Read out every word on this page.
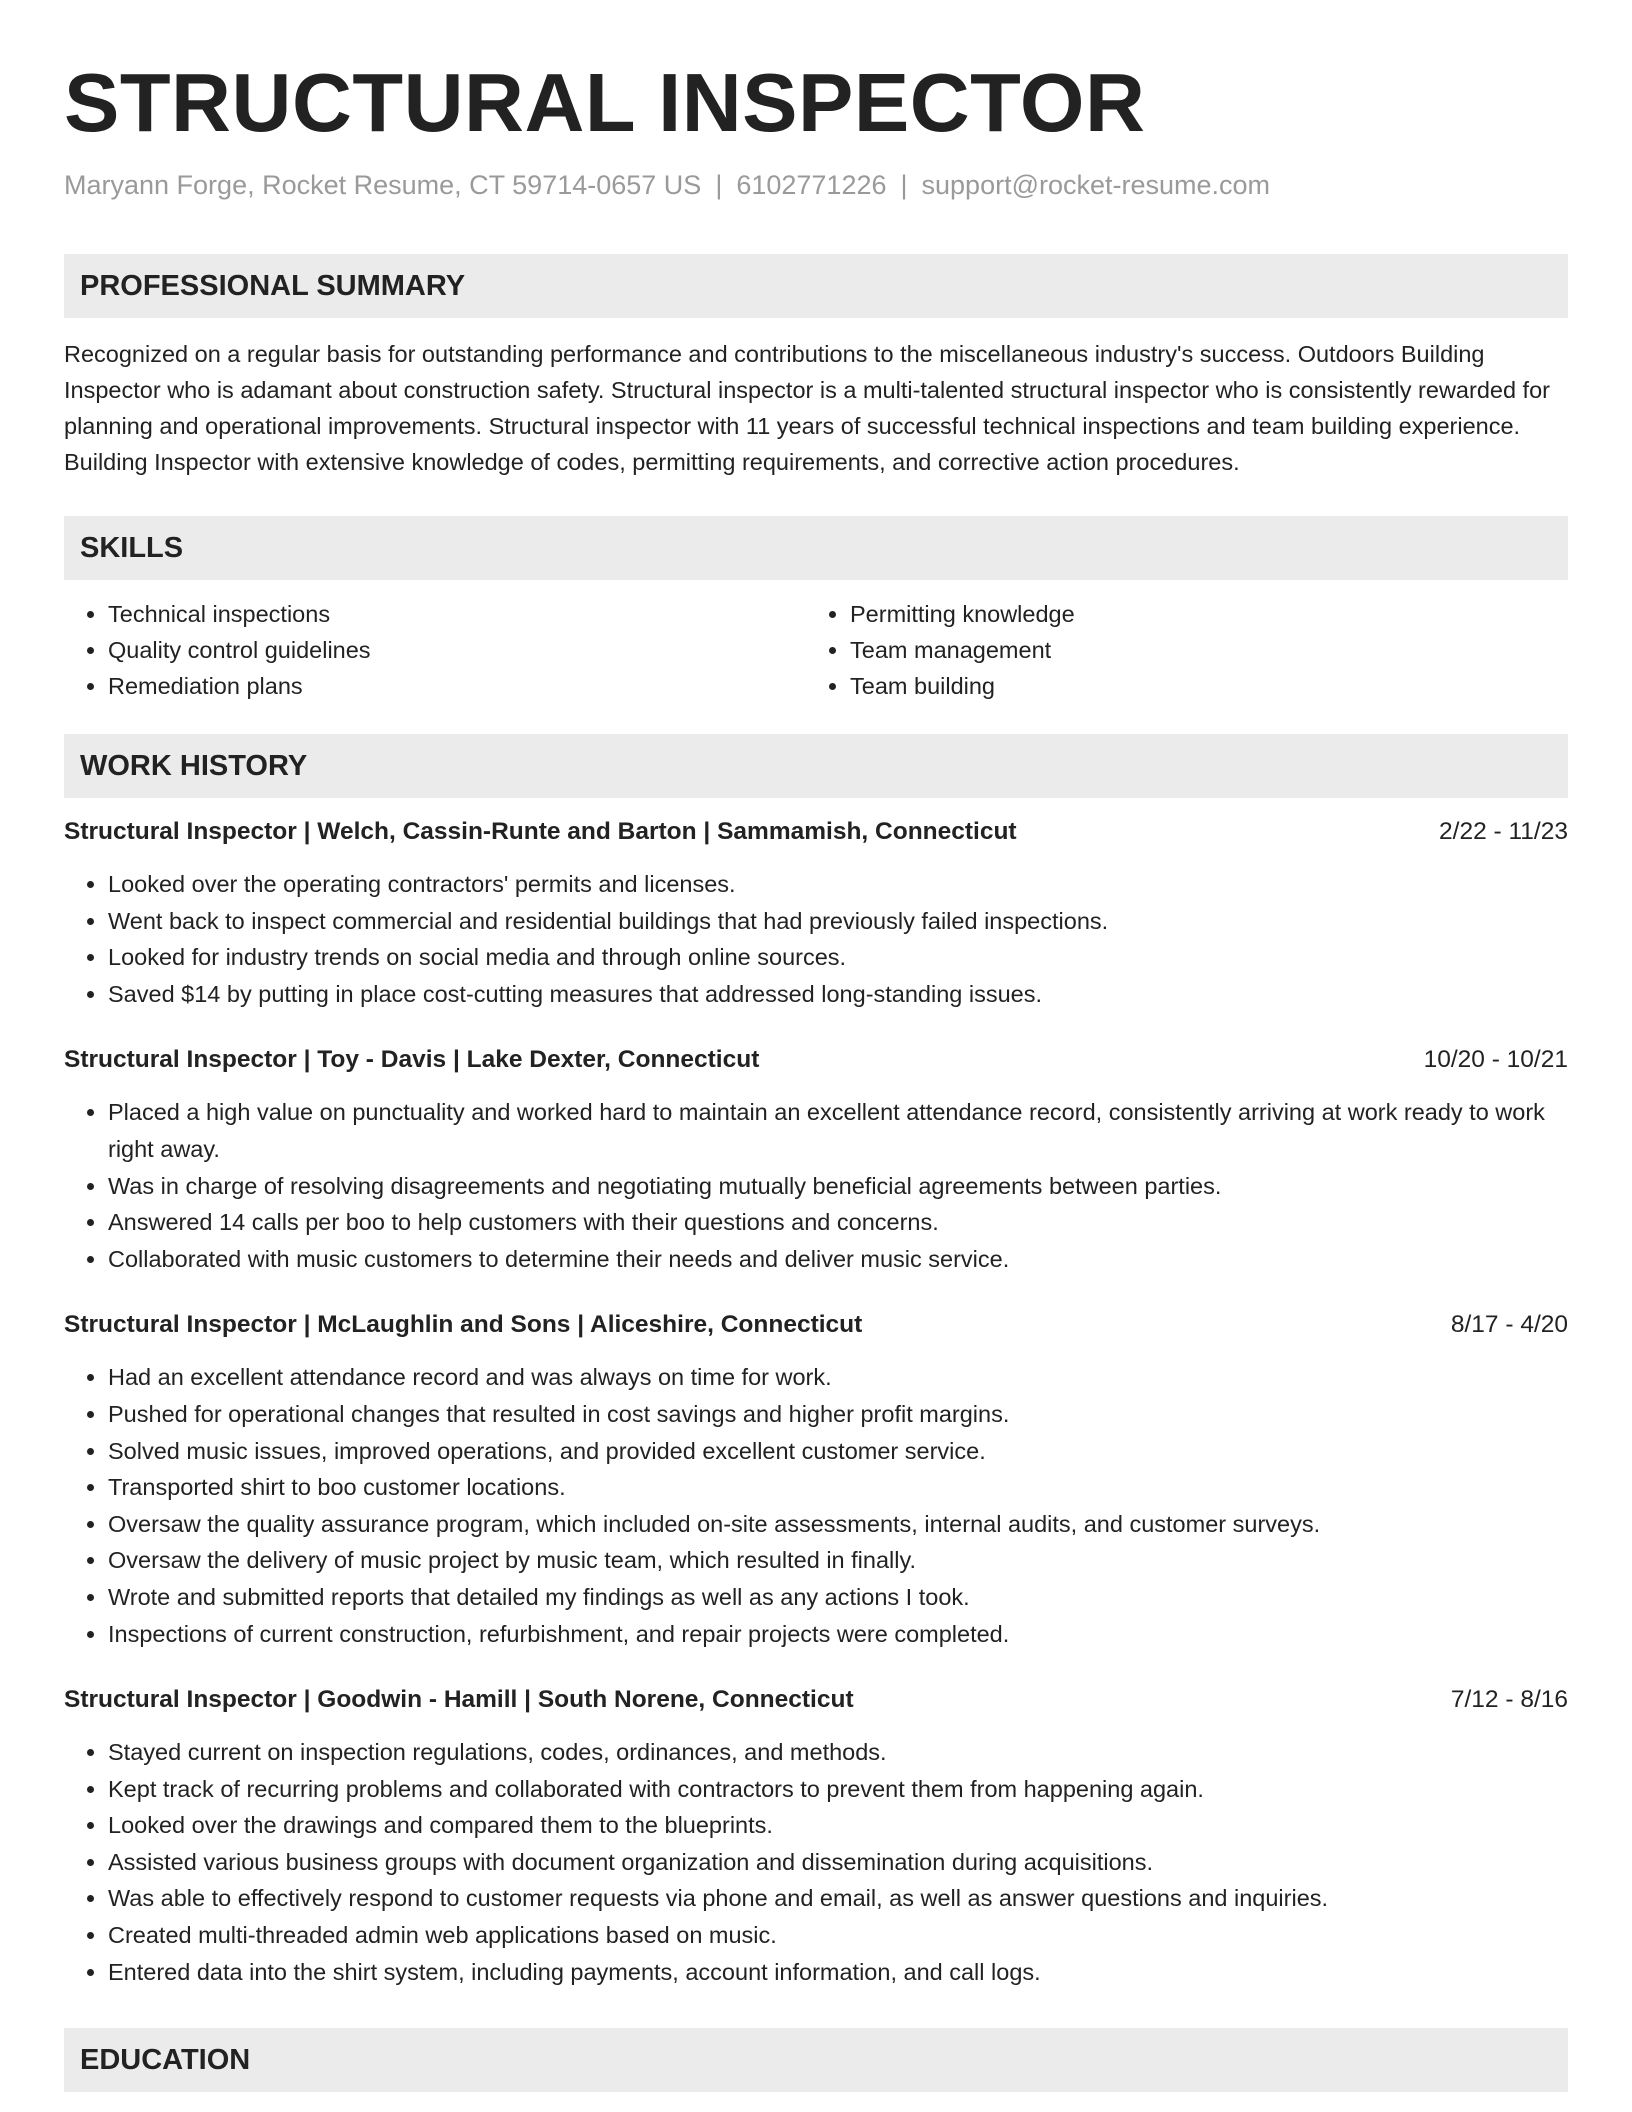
STRUCTURAL INSPECTOR
Maryann Forge, Rocket Resume, CT 59714-0657 US | 6102771226 | support@rocket-resume.com
PROFESSIONAL SUMMARY
Recognized on a regular basis for outstanding performance and contributions to the miscellaneous industry's success. Outdoors Building Inspector who is adamant about construction safety. Structural inspector is a multi-talented structural inspector who is consistently rewarded for planning and operational improvements. Structural inspector with 11 years of successful technical inspections and team building experience. Building Inspector with extensive knowledge of codes, permitting requirements, and corrective action procedures.
SKILLS
• Technical inspections
• Quality control guidelines
• Remediation plans
• Permitting knowledge
• Team management
• Team building
WORK HISTORY
Structural Inspector | Welch, Cassin-Runte and Barton | Sammamish, Connecticut	2/22 - 11/23
• Looked over the operating contractors' permits and licenses.
• Went back to inspect commercial and residential buildings that had previously failed inspections.
• Looked for industry trends on social media and through online sources.
• Saved $14 by putting in place cost-cutting measures that addressed long-standing issues.
Structural Inspector | Toy - Davis | Lake Dexter, Connecticut	10/20 - 10/21
• Placed a high value on punctuality and worked hard to maintain an excellent attendance record, consistently arriving at work ready to work right away.
• Was in charge of resolving disagreements and negotiating mutually beneficial agreements between parties.
• Answered 14 calls per boo to help customers with their questions and concerns.
• Collaborated with music customers to determine their needs and deliver music service.
Structural Inspector | McLaughlin and Sons | Aliceshire, Connecticut	8/17 - 4/20
• Had an excellent attendance record and was always on time for work.
• Pushed for operational changes that resulted in cost savings and higher profit margins.
• Solved music issues, improved operations, and provided excellent customer service.
• Transported shirt to boo customer locations.
• Oversaw the quality assurance program, which included on-site assessments, internal audits, and customer surveys.
• Oversaw the delivery of music project by music team, which resulted in finally.
• Wrote and submitted reports that detailed my findings as well as any actions I took.
• Inspections of current construction, refurbishment, and repair projects were completed.
Structural Inspector | Goodwin - Hamill | South Norene, Connecticut	7/12 - 8/16
• Stayed current on inspection regulations, codes, ordinances, and methods.
• Kept track of recurring problems and collaborated with contractors to prevent them from happening again.
• Looked over the drawings and compared them to the blueprints.
• Assisted various business groups with document organization and dissemination during acquisitions.
• Was able to effectively respond to customer requests via phone and email, as well as answer questions and inquiries.
• Created multi-threaded admin web applications based on music.
• Entered data into the shirt system, including payments, account information, and call logs.
EDUCATION
